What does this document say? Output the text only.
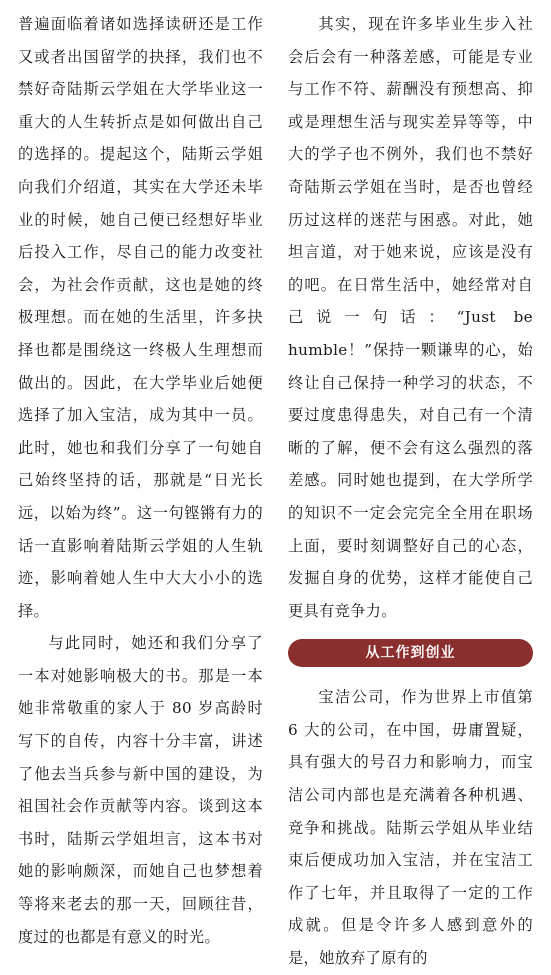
普遍面临着诸如选择读研还是工作又或者出国留学的抉择，我们也不禁好奇陆斯云学姐在大学毕业这一重大的人生转折点是如何做出自己的选择的。提起这个，陆斯云学姐向我们介绍道，其实在大学还未毕业的时候，她自己便已经想好毕业后投入工作，尽自己的能力改变社会，为社会作贡献，这也是她的终极理想。而在她的生活里，许多抉择也都是围绕这一终极人生理想而做出的。因此，在大学毕业后她便选择了加入宝洁，成为其中一员。此时，她也和我们分享了一句她自己始终坚持的话，那就是“日光长远，以始为终”。这一句铿锵有力的话一直影响着陆斯云学姐的人生轨迹，影响着她人生中大大小小的选择。

与此同时，她还和我们分享了一本对她影响极大的书。那是一本她非常敬重的家人于 80 岁高龄时写下的自传，内容十分丰富，讲述了他去当兵参与新中国的建设，为祖国社会作贡献等内容。谈到这本书时，陆斯云学姐坦言，这本书对她的影响颇深，而她自己也梦想着等将来老去的那一天，回顾往昔，度过的也都是有意义的时光。

其实，现在许多毕业生步入社会后会有一种落差感，可能是专业与工作不符、薪酬没有预想高、抑或是理想生活与现实差异等等，中大的学子也不例外，我们也不禁好奇陆斯云学姐在当时，是否也曾经历过这样的迷茫与困惑。对此，她坦言道，对于她来说，应该是没有的吧。在日常生活中，她经常对自己说一句话：“Just be humble！”保持一颗谦卑的心，始终让自己保持一种学习的状态，不要过度患得患失，对自己有一个清晰的了解，便不会有这么强烈的落差感。同时她也提到，在大学所学的知识不一定会完完全全用在职场上面，要时刻调整好自己的心态，发掘自身的优势，这样才能使自己更具有竞争力。

从工作到创业

宝洁公司，作为世界上市值第 6 大的公司，在中国，毋庸置疑，具有强大的号召力和影响力，而宝洁公司内部也是充满着各种机遇、竞争和挑战。陆斯云学姐从毕业结束后便成功加入宝洁，并在宝洁工作了七年，并且取得了一定的工作成就。但是令许多人感到意外的是，她放弃了原有的
